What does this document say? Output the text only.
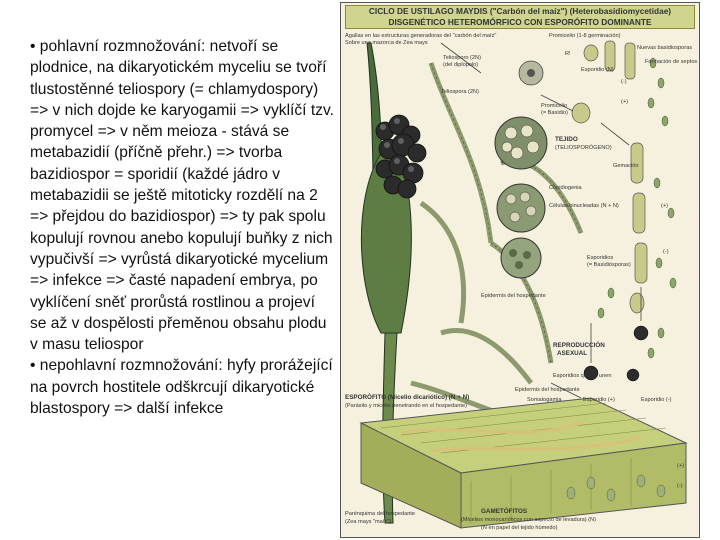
• pohlavní rozmnožování: netvoří se plodnice, na dikaryotickém myceliu se tvoří tlustostěnné teliospory (= chlamydospory) => v nich dojde ke karyogamii => vyklíčí tzv. promycel => v něm meioza - stává se metabazidií (příčně přehr.) => tvorba bazidiospor = sporidií (každé jádro v metabazidii se ještě mitoticky rozdělí na 2 => přejdou do bazidiospor) => ty pak spolu kopulují rovnou anebo kopulují buňky z nich vypučivší => vyrůstá dikaryotické mycelium => infekce => časté napadení embrya, po vyklíčení sněť prorůstá rostlinou a projeví se až v dospělosti přeměnou obsahu plodu v masu teliospor

• nepohlavní rozmnožování: hyfy prorážející na povrch hostitele odškrcují dikaryotické blastospory => další infekce

CICLO DE USTILAGO MAYDIS ("Carbón del maíz") (Heterobasidiomycetidae)
DISGENÉTICO HETEROMÓRFICO CON ESPORÓFITO DOMINANTE
Agallas en las estructuras generadoras del "carbón del maíz"
Sobre una mazorca de Zea mays
Teliosporo (2N)
(del diplopolo)
Teliospora (2N)
Promicelio
(= Basidio)
R!
Promicelio (1-8 germinación)
Esporidio (N)
Nuevas basidiosporas
Formación de septos
TEJIDO
(TELIOSPORÓGENO)
Gemación
Conidiogenia
Células binucleadas (N + N)
Esporidios
(= Basidiósporas)
Epidermis del hospedante
REPRODUCCIÓN
ASEXUAL
Esporidios que se unen
ESPORÓFITO (Micelio dicariótico) (N + N)
(Parásito y micelio penetrando en el hospedante)
Epidermis del hospedante
Somatogamia	Esporidio (+)	Esporidio (-)
Parénquima del hospedante
(Zea mays "maíz")
GAMETÓFITOS
(Micelios monocarióticos con aspecto de levadura) (N)
(N en papel del tejido húmedo)
(+)
(-)
(+)
(-)
(+)
(-)
